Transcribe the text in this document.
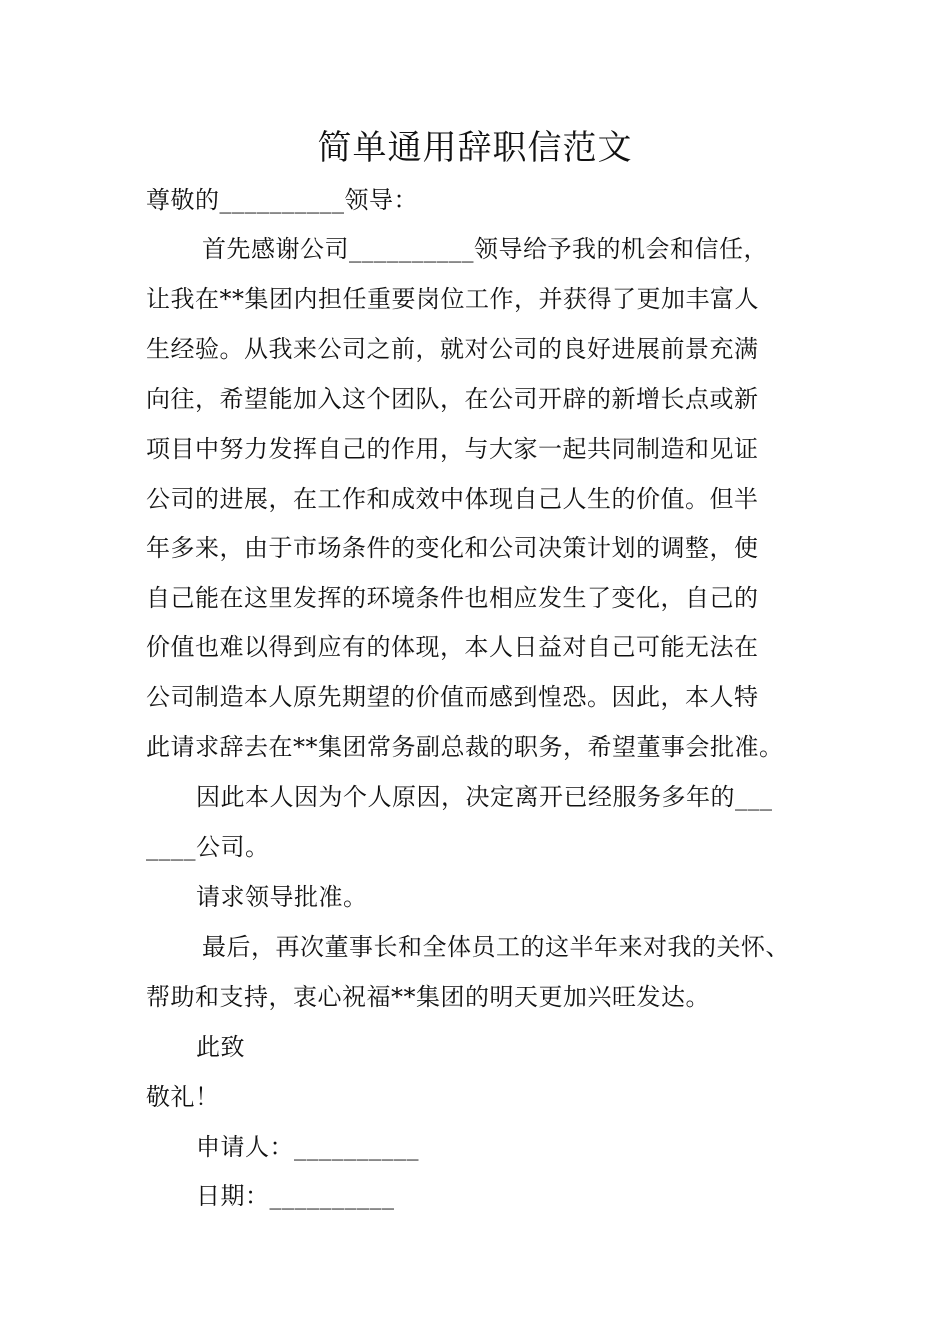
简单通用辞职信范文
尊敬的__________领导：
首先感谢公司__________领导给予我的机会和信任，
让我在**集团内担任重要岗位工作，并获得了更加丰富人
生经验。从我来公司之前，就对公司的良好进展前景充满
向往，希望能加入这个团队，在公司开辟的新增长点或新
项目中努力发挥自己的作用，与大家一起共同制造和见证
公司的进展，在工作和成效中体现自己人生的价值。但半
年多来，由于市场条件的变化和公司决策计划的调整，使
自己能在这里发挥的环境条件也相应发生了变化，自己的
价值也难以得到应有的体现，本人日益对自己可能无法在
公司制造本人原先期望的价值而感到惶恐。因此，本人特
此请求辞去在**集团常务副总裁的职务，希望董事会批准。
因此本人因为个人原因，决定离开已经服务多年的___
____公司。
请求领导批准。
最后，再次董事长和全体员工的这半年来对我的关怀、
帮助和支持，衷心祝福**集团的明天更加兴旺发达。
此致
敬礼！
申请人：__________
日期：__________
